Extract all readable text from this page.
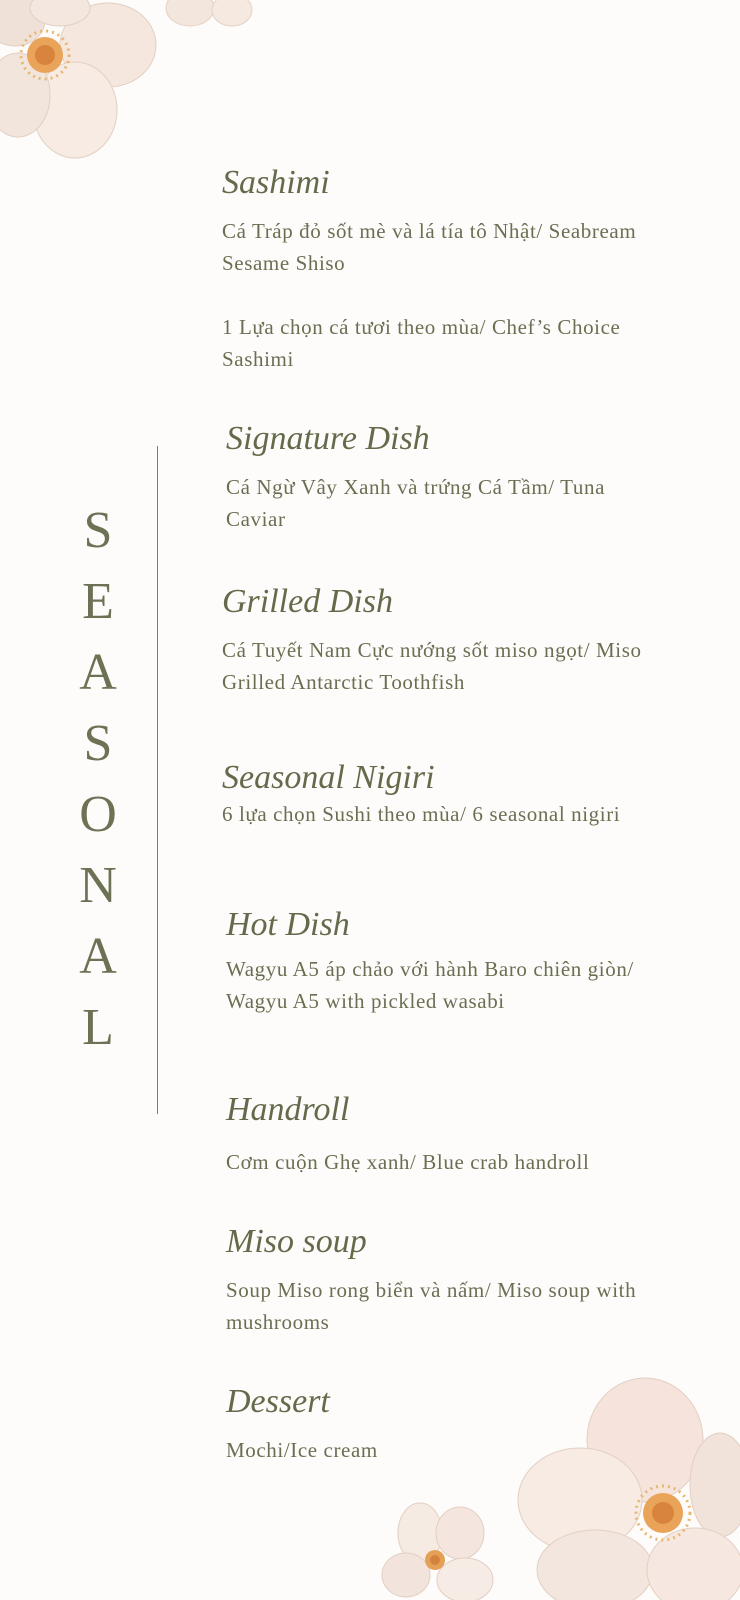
S
E
A
S
O
N
A
L
Sashimi

Cá Tráp đỏ sốt mè và lá tía tô Nhật/ Seabream

Sesame Shiso

1 Lựa chọn cá tươi theo mùa/ Chef’s Choice

Sashimi

Signature Dish

Cá Ngừ Vây Xanh và trứng Cá Tầm/ Tuna

Caviar

Grilled Dish

Cá Tuyết Nam Cực nướng sốt miso ngọt/ Miso

Grilled Antarctic Toothfish

Seasonal Nigiri

6 lựa chọn Sushi theo mùa/ 6 seasonal nigiri

Hot Dish

Wagyu A5 áp chảo với hành Baro chiên giòn/

Wagyu A5 with pickled wasabi

Handroll

Cơm cuộn Ghẹ xanh/ Blue crab handroll

Miso soup

Soup Miso rong biển và nấm/ Miso soup with

mushrooms

Dessert

Mochi/Ice cream
